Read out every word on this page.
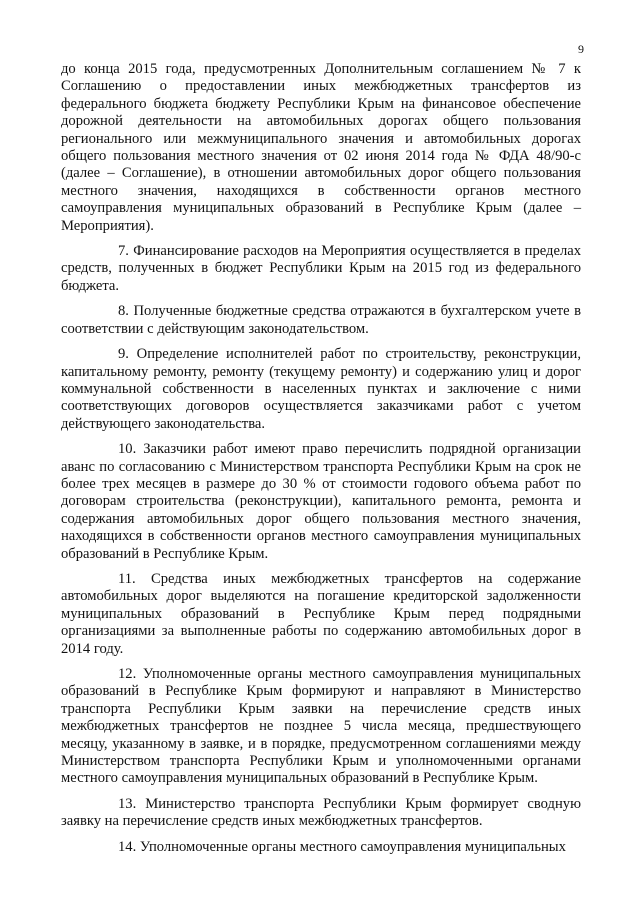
9

до конца 2015 года, предусмотренных Дополнительным соглашением № 7 к Соглашению о предоставлении иных межбюджетных трансфертов из федерального бюджета бюджету Республики Крым на финансовое обеспечение дорожной деятельности на автомобильных дорогах общего пользования регионального или межмуниципального значения и автомобильных дорогах общего пользования местного значения от 02 июня 2014 года № ФДА 48/90-с (далее – Соглашение), в отношении автомобильных дорог общего пользования местного значения, находящихся в собственности органов местного самоуправления муниципальных образований в Республике Крым (далее – Мероприятия).

7. Финансирование расходов на Мероприятия осуществляется в пределах средств, полученных в бюджет Республики Крым на 2015 год из федерального бюджета.

8. Полученные бюджетные средства отражаются в бухгалтерском учете в соответствии с действующим законодательством.

9. Определение исполнителей работ по строительству, реконструкции, капитальному ремонту, ремонту (текущему ремонту) и содержанию улиц и дорог коммунальной собственности в населенных пунктах и заключение с ними соответствующих договоров осуществляется заказчиками работ с учетом действующего законодательства.

10. Заказчики работ имеют право перечислить подрядной организации аванс по согласованию с Министерством транспорта Республики Крым на срок не более трех месяцев в размере до 30 % от стоимости годового объема работ по договорам строительства (реконструкции), капитального ремонта, ремонта и содержания автомобильных дорог общего пользования местного значения, находящихся в собственности органов местного самоуправления муниципальных образований в Республике Крым.

11. Средства иных межбюджетных трансфертов на содержание автомобильных дорог выделяются на погашение кредиторской задолженности муниципальных образований в Республике Крым перед подрядными организациями за выполненные работы по содержанию автомобильных дорог в 2014 году.

12. Уполномоченные органы местного самоуправления муниципальных образований в Республике Крым формируют и направляют в Министерство транспорта Республики Крым заявки на перечисление средств иных межбюджетных трансфертов не позднее 5 числа месяца, предшествующего месяцу, указанному в заявке, и в порядке, предусмотренном соглашениями между Министерством транспорта Республики Крым и уполномоченными органами местного самоуправления муниципальных образований в Республике Крым.

13. Министерство транспорта Республики Крым формирует сводную заявку на перечисление средств иных межбюджетных трансфертов.

14. Уполномоченные органы местного самоуправления муниципальных
